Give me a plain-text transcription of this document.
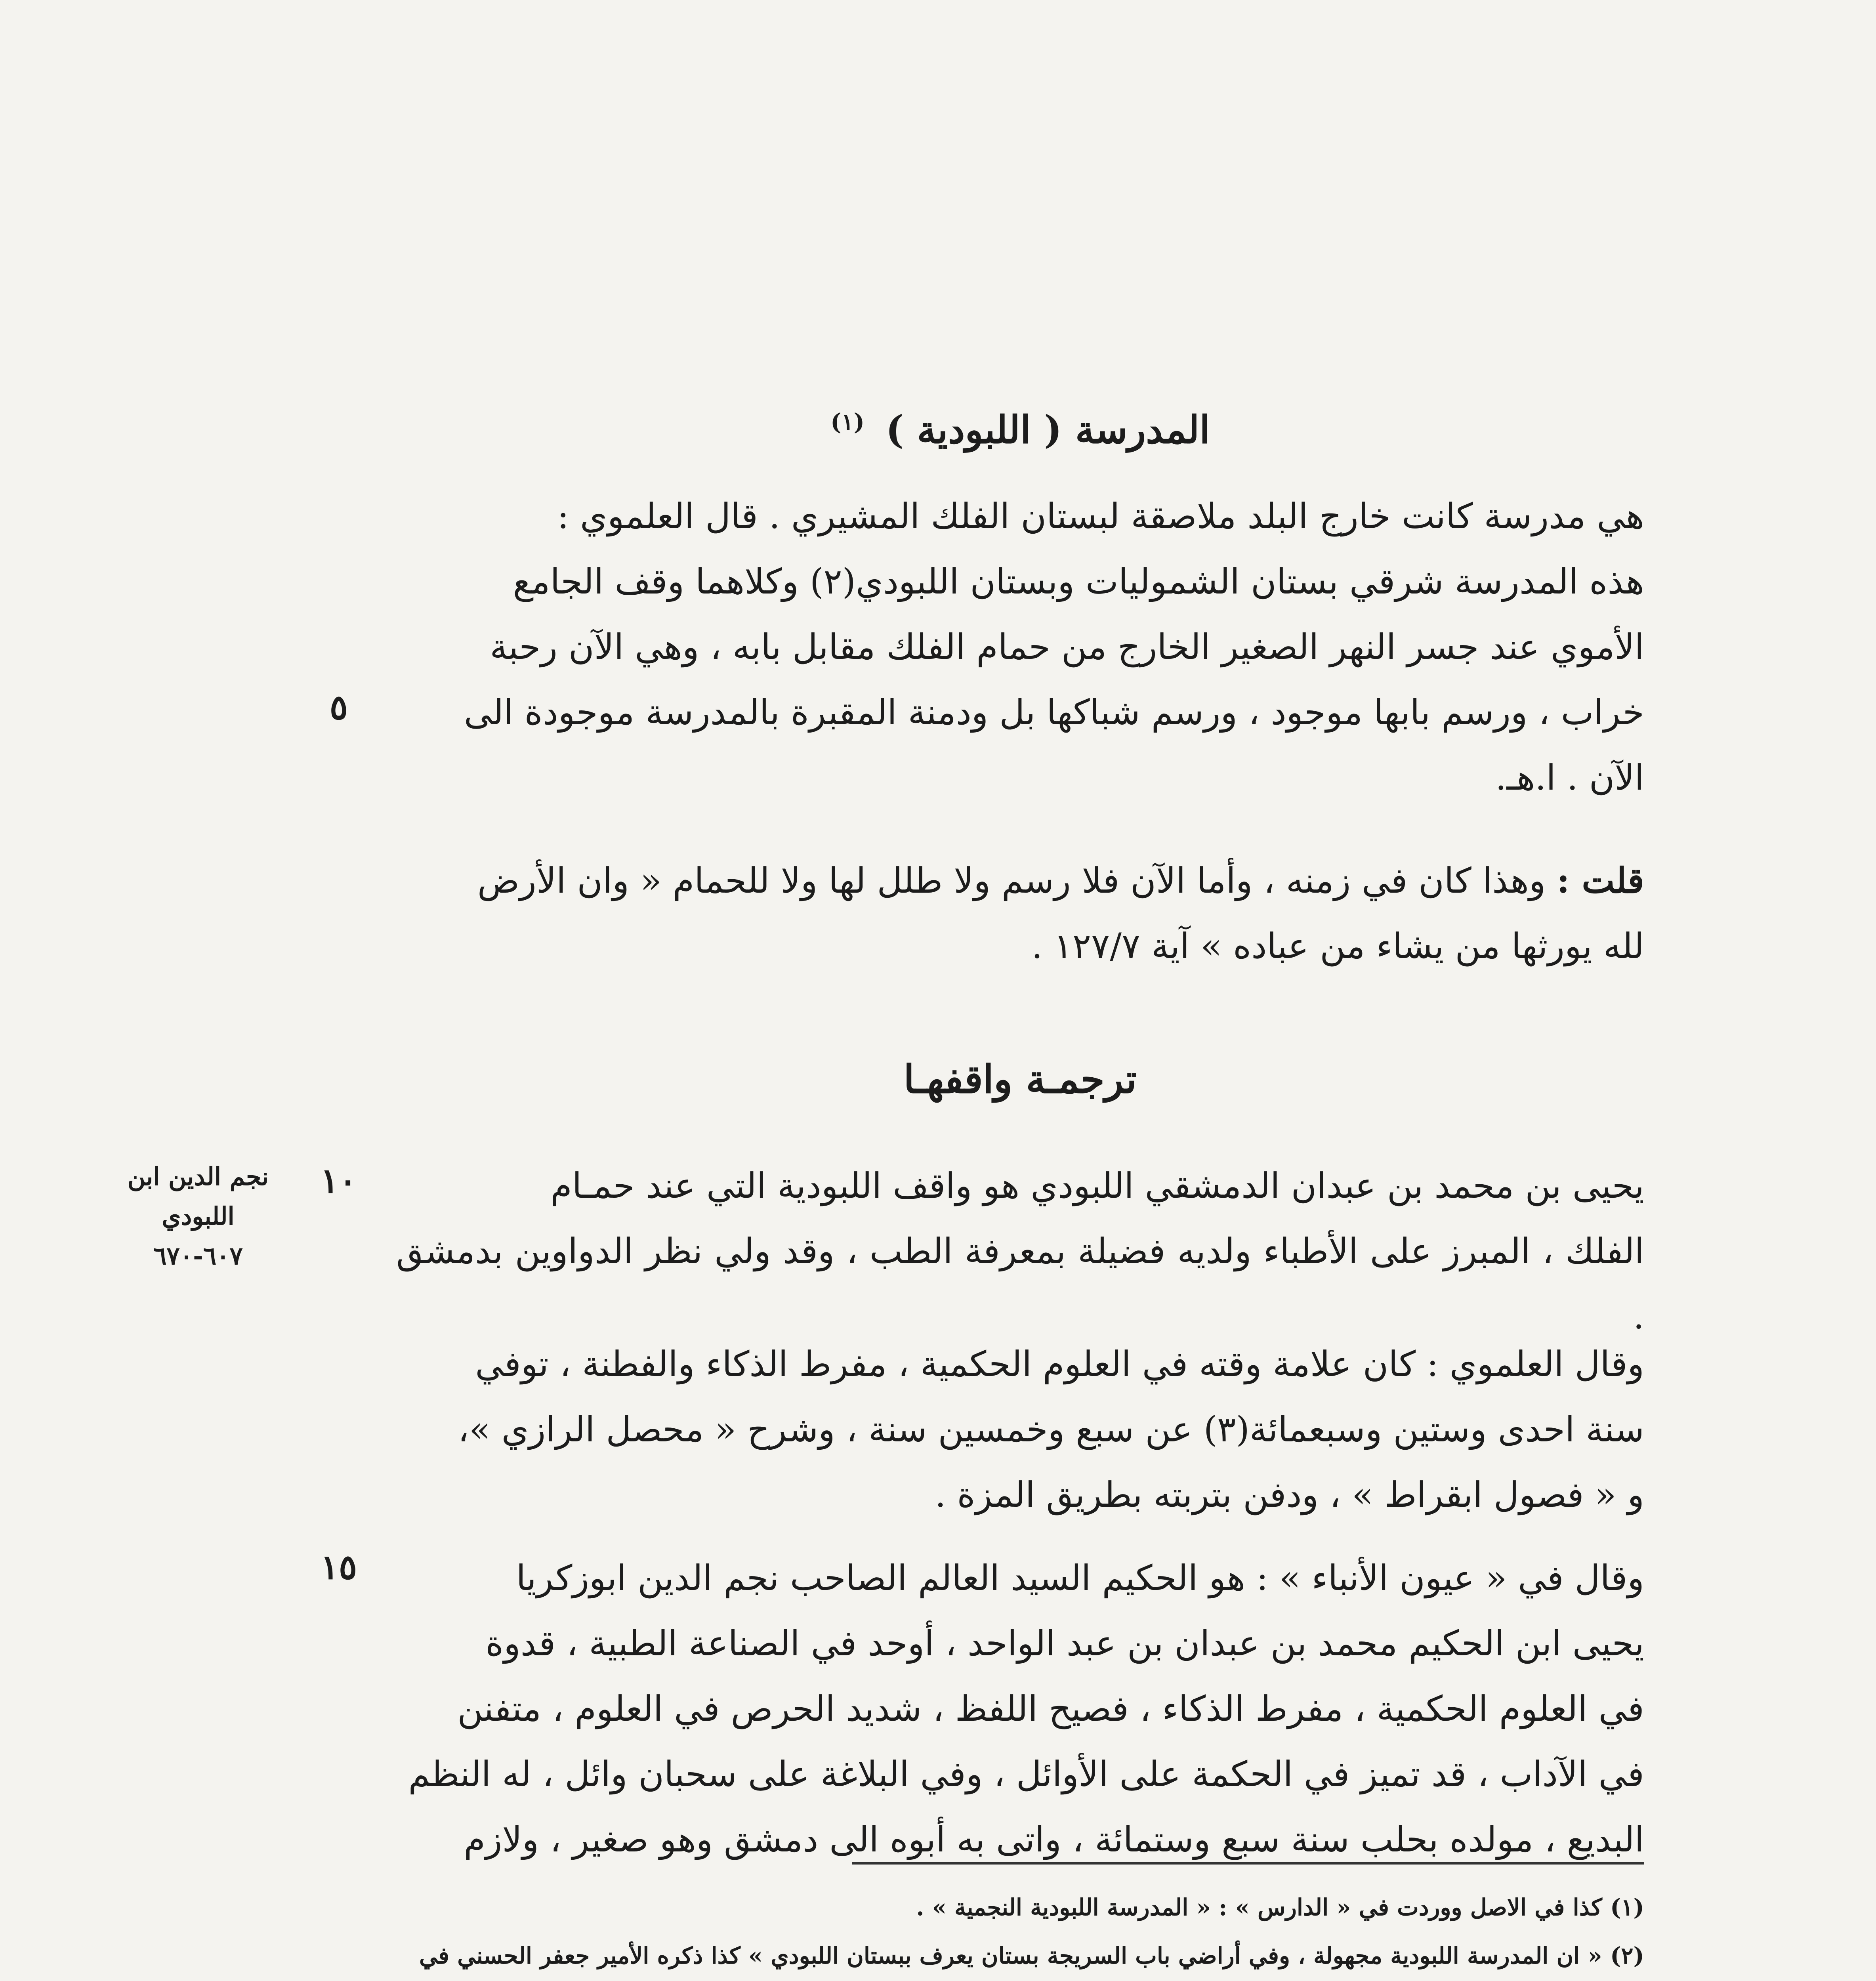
المدرسة ( اللبودية ) $^{(١)}$

هي مدرسة كانت خارج البلد ملاصقة لبستان الفلك المشيري . قال العلموي :

هذه المدرسة شرقي بستان الشموليات وبستان اللبودي(٢) وكلاهما وقف الجامع

الأموي عند جسر النهر الصغير الخارج من حمام الفلك مقابل بابه ، وهي الآن رحبة

خراب ، ورسم بابها موجود ، ورسم شباكها بل ودمنة المقبرة بالمدرسة موجودة الى

الآن . ا.هـ.

قلت : وهذا كان في زمنه ، وأما الآن فلا رسم ولا طلل لها ولا للحمام « وان الأرض

لله يورثها من يشاء من عباده » آية ١٢٧/٧ .

ترجمـة واقفهـا

يحيى بن محمد بن عبدان الدمشقي اللبودي هو واقف اللبودية التي عند حمـام

الفلك ، المبرز على الأطباء ولديه فضيلة بمعرفة الطب ، وقد ولي نظر الدواوين بدمشق .

وقال العلموي : كان علامة وقته في العلوم الحكمية ، مفرط الذكاء والفطنة ، توفي

سنة احدى وستين وسبعمائة(٣) عن سبع وخمسين سنة ، وشرح « محصل الرازي »،

و « فصول ابقراط » ، ودفن بتربته بطريق المزة .

وقال في « عيون الأنباء » : هو الحكيم السيد العالم الصاحب نجم الدين ابوزكريا

يحيى ابن الحكيم محمد بن عبدان بن عبد الواحد ، أوحد في الصناعة الطبية ، قدوة

في العلوم الحكمية ، مفرط الذكاء ، فصيح اللفظ ، شديد الحرص في العلوم ، متفنن

في الآداب ، قد تميز في الحكمة على الأوائل ، وفي البلاغة على سحبان وائل ، له النظم

البديع ، مولده بحلب سنة سبع وستمائة ، واتى به أبوه الى دمشق وهو صغير ، ولازم

٥
١٠
١٥
نجم الدين ابن
اللبودي
٦٠٧-٦٧٠

(١) كذا في الاصل ووردت في « الدارس » : « المدرسة اللبودية النجمية » .

(٢) « ان المدرسة اللبودية مجهولة ، وفي أراضي باب السريجة بستان يعرف ببستان اللبودي » كذا ذكره الأمير جعفر الحسني في
